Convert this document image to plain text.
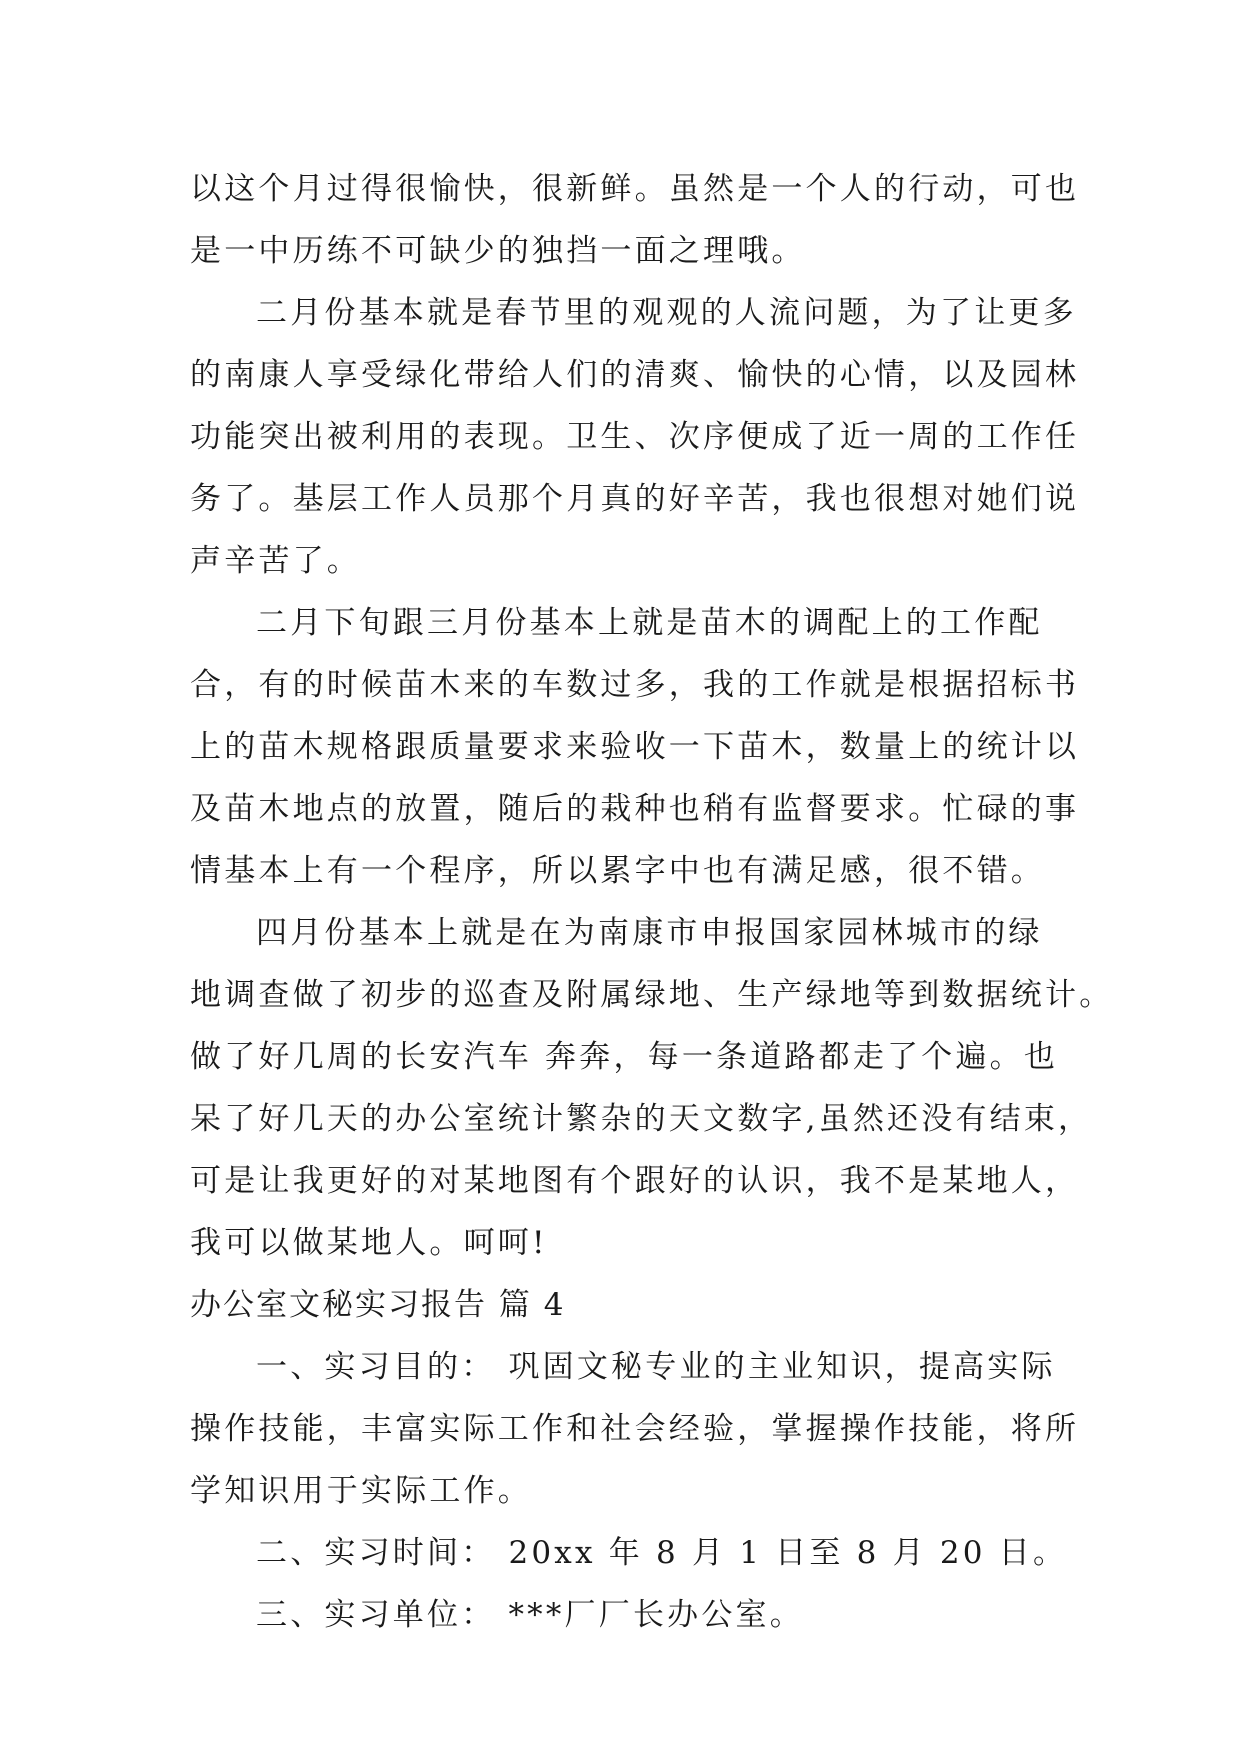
以这个月过得很愉快，很新鲜。虽然是一个人的行动，可也
是一中历练不可缺少的独挡一面之理哦。
二月份基本就是春节里的观观的人流问题，为了让更多
的南康人享受绿化带给人们的清爽、愉快的心情，以及园林
功能突出被利用的表现。卫生、次序便成了近一周的工作任
务了。基层工作人员那个月真的好辛苦，我也很想对她们说
声辛苦了。
二月下旬跟三月份基本上就是苗木的调配上的工作配
合，有的时候苗木来的车数过多，我的工作就是根据招标书
上的苗木规格跟质量要求来验收一下苗木，数量上的统计以
及苗木地点的放置，随后的栽种也稍有监督要求。忙碌的事
情基本上有一个程序，所以累字中也有满足感，很不错。
四月份基本上就是在为南康市申报国家园林城市的绿
地调查做了初步的巡查及附属绿地、生产绿地等到数据统计。
做了好几周的长安汽车 奔奔，每一条道路都走了个遍。也
呆了好几天的办公室统计繁杂的天文数字,虽然还没有结束，
可是让我更好的对某地图有个跟好的认识，我不是某地人，
我可以做某地人。呵呵!
办公室文秘实习报告 篇 4
一、实习目的： 巩固文秘专业的主业知识，提高实际
操作技能，丰富实际工作和社会经验，掌握操作技能，将所
学知识用于实际工作。
二、实习时间： 20xx 年 8 月 1 日至 8 月 20 日。
三、实习单位： ***厂厂长办公室。
